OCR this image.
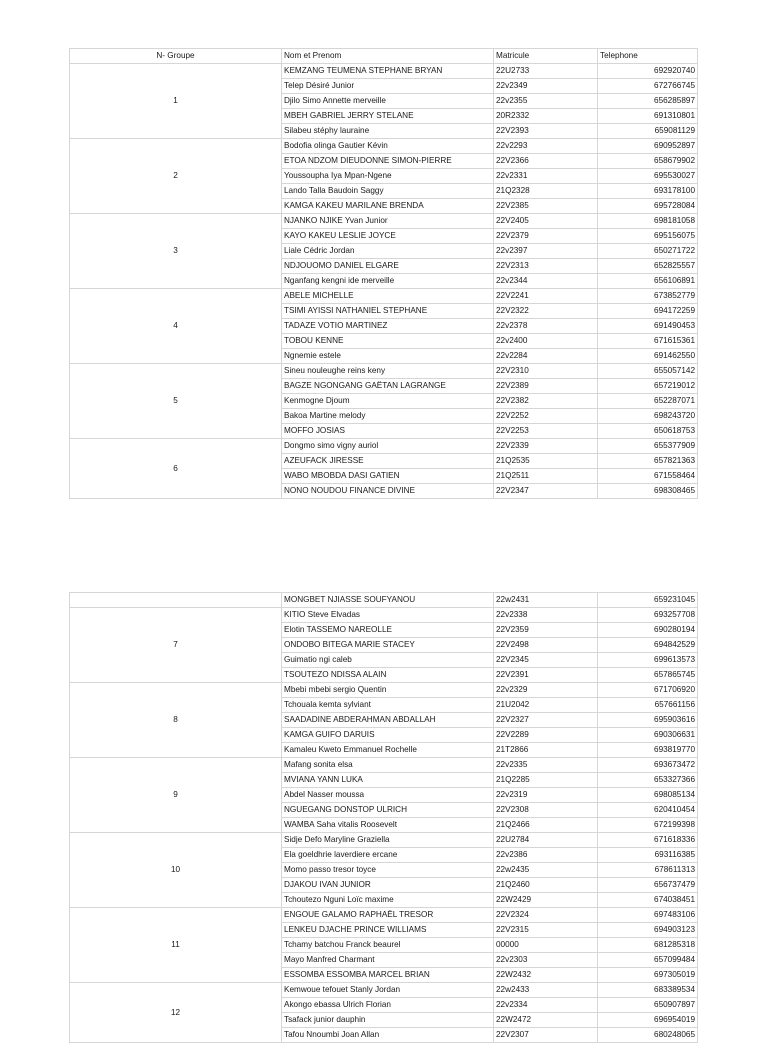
N- Groupe	Nom et Prenom	Matricule	Telephone
1	KEMZANG TEUMENA STEPHANE BRYAN	22U2733	692920740
	Telep Désiré Junior	22v2349	672766745
	Djilo Simo Annette merveille	22v2355	656285897
	MBEH GABRIEL JERRY STELANE	20R2332	691310801
	Silabeu stéphy lauraine	22V2393	659081129
2	Bodofia olinga Gautier Kévin	22v2293	690952897
	ETOA NDZOM DIEUDONNE SIMON-PIERRE	22V2366	658679902
	Youssoupha Iya Mpan-Ngene	22v2331	695530027
	Lando Talla Baudoin Saggy	21Q2328	693178100
	KAMGA KAKEU MARILANE BRENDA	22V2385	695728084
3	NJANKO NJIKE Yvan Junior	22V2405	698181058
	KAYO KAKEU LESLIE JOYCE	22V2379	695156075
	Liale Cédric Jordan	22v2397	650271722
	NDJOUOMO DANIEL ELGARE	22V2313	652825557
	Nganfang kengni ide merveille	22v2344	656106891
4	ABELE MICHELLE	22V2241	673852779
	TSIMI AYISSI NATHANIEL STEPHANE	22V2322	694172259
	TADAZE VOTIO MARTINEZ	22v2378	691490453
	TOBOU KENNE	22v2400	671615361
	Ngnemie estele	22v2284	691462550
5	Sineu nouleughe reins keny	22V2310	655057142
	BAGZE NGONGANG GAËTAN LAGRANGE	22V2389	657219012
	Kenmogne Djoum	22V2382	652287071
	Bakoa Martine melody	22V2252	698243720
	MOFFO JOSIAS	22V2253	650618753
6	Dongmo simo vigny auriol	22V2339	655377909
	AZEUFACK JIRESSE	21Q2535	657821363
	WABO MBOBDA DASI GATIEN	21Q2511	671558464
	NONO NOUDOU FINANCE DIVINE	22V2347	698308465
	MONGBET NJIASSE SOUFYANOU	22w2431	659231045
7	KITIO Steve Elvadas	22v2338	693257708
	Elotin TASSEMO NAREOLLE	22V2359	690280194
	ONDOBO BITEGA MARIE STACEY	22V2498	694842529
	Guimatio ngi caleb	22V2345	699613573
	TSOUTEZO NDISSA ALAIN	22V2391	657865745
8	Mbebi mbebi sergio Quentin	22v2329	671706920
	Tchouala kemta sylviant	21U2042	657661156
	SAADADINE ABDERAHMAN ABDALLAH	22V2327	695903616
	KAMGA GUIFO DARUIS	22V2289	690306631
	Kamaleu Kweto Emmanuel Rochelle	21T2866	693819770
9	Mafang sonita elsa	22v2335	693673472
	MVIANA YANN LUKA	21Q2285	653327366
	Abdel Nasser moussa	22v2319	698085134
	NGUEGANG DONSTOP ULRICH	22V2308	620410454
	WAMBA Saha vitalis Roosevelt	21Q2466	672199398
10	Sidje Defo Maryline Graziella	22U2784	671618336
	Ela goeldhrie laverdiere ercane	22v2386	693116385
	Momo passo tresor toyce	22w2435	678611313
	DJAKOU IVAN JUNIOR	21Q2460	656737479
	Tchoutezo Nguni Loïc maxime	22W2429	674038451
11	ENGOUE GALAMO RAPHAËL TRESOR	22V2324	697483106
	LENKEU DJACHE PRINCE WILLIAMS	22V2315	694903123
	Tchamy batchou Franck beaurel	00000	681285318
	Mayo Manfred Charmant	22v2303	657099484
	ESSOMBA ESSOMBA MARCEL BRIAN	22W2432	697305019
12	Kemwoue tefouet Stanly Jordan	22w2433	683389534
	Akongo ebassa Ulrich Florian	22v2334	650907897
	Tsafack junior dauphin	22W2472	696954019
	Tafou Nnoumbi Joan Allan	22V2307	680248065
